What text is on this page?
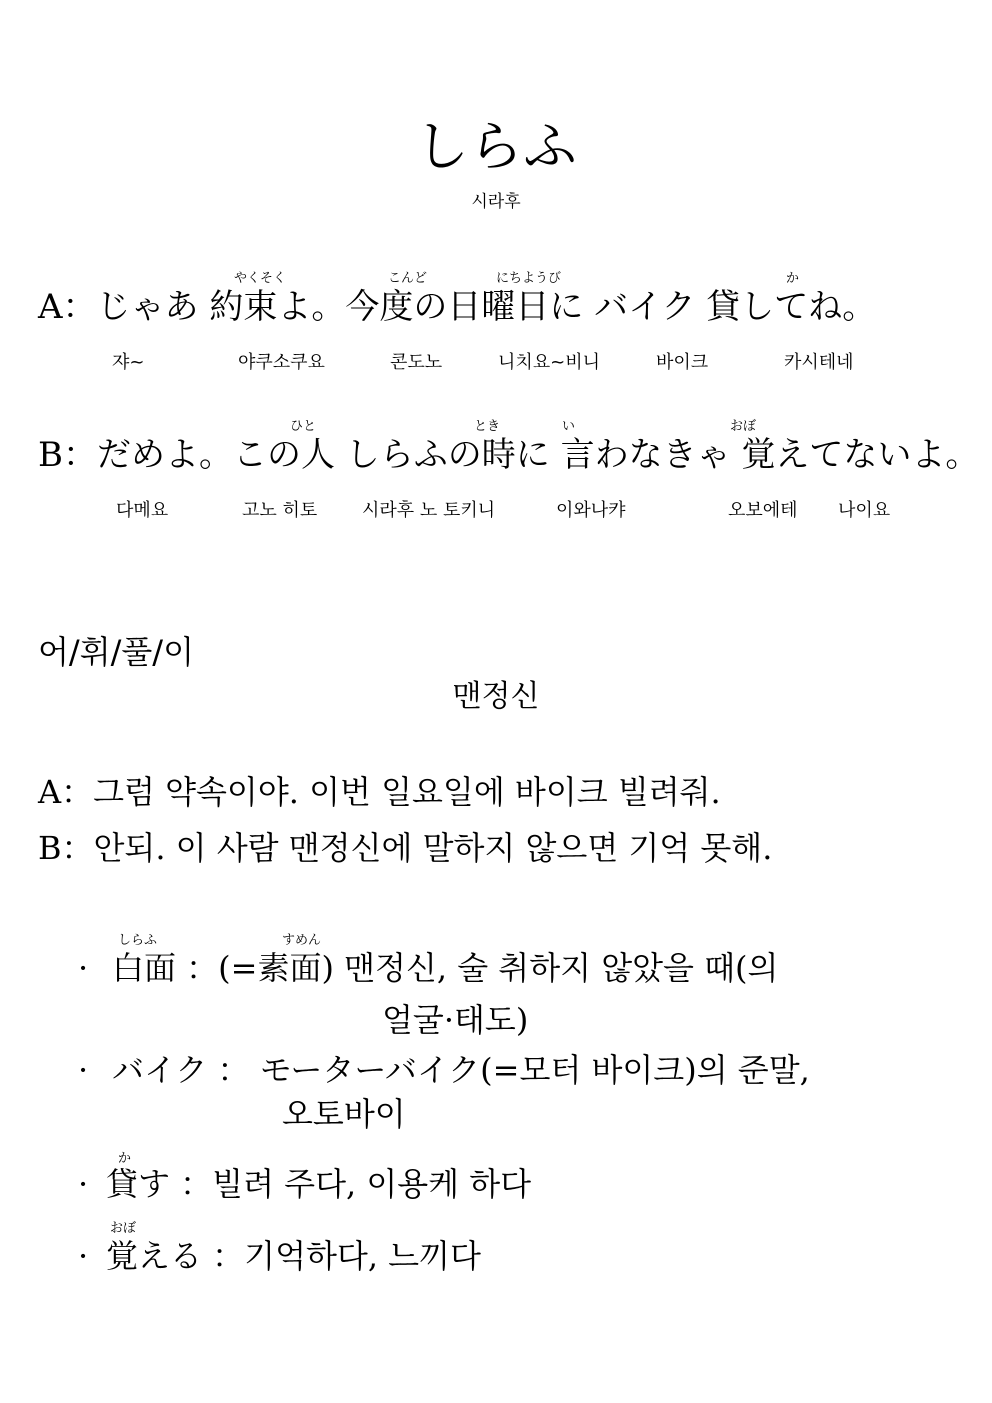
しらふ
시라후
やくそく	こんど	にちようび	か
A：じゃあ 約束よ。今度の日曜日に バイク 貸してね。
쟈~	야쿠소쿠요	콘도노	니치요~비니	바이크	카시테네
ひと	とき	い	おぼ
B：だめよ。この人 しらふの時に 言わなきゃ 覚えてないよ。
다메요	고노 히토 시라후 노 토키니	이와나캬	오보에테 나이요
어/휘/풀/이
맨정신
A：그럼 약속이야. 이번 일요일에 바이크 빌려줘.
B：안되. 이 사람 맨정신에 말하지 않으면 기억 못해.
しらふ	すめん
· 白面 ：(=素面) 맨정신, 술 취하지 않았을 때(의
얼굴·태도)
· バイク ： モーターバイク(=모터 바이크)의 준말,
오토바이
か
· 貸す ：빌려 주다, 이용케 하다
おぼ
· 覚える ：기억하다, 느끼다
